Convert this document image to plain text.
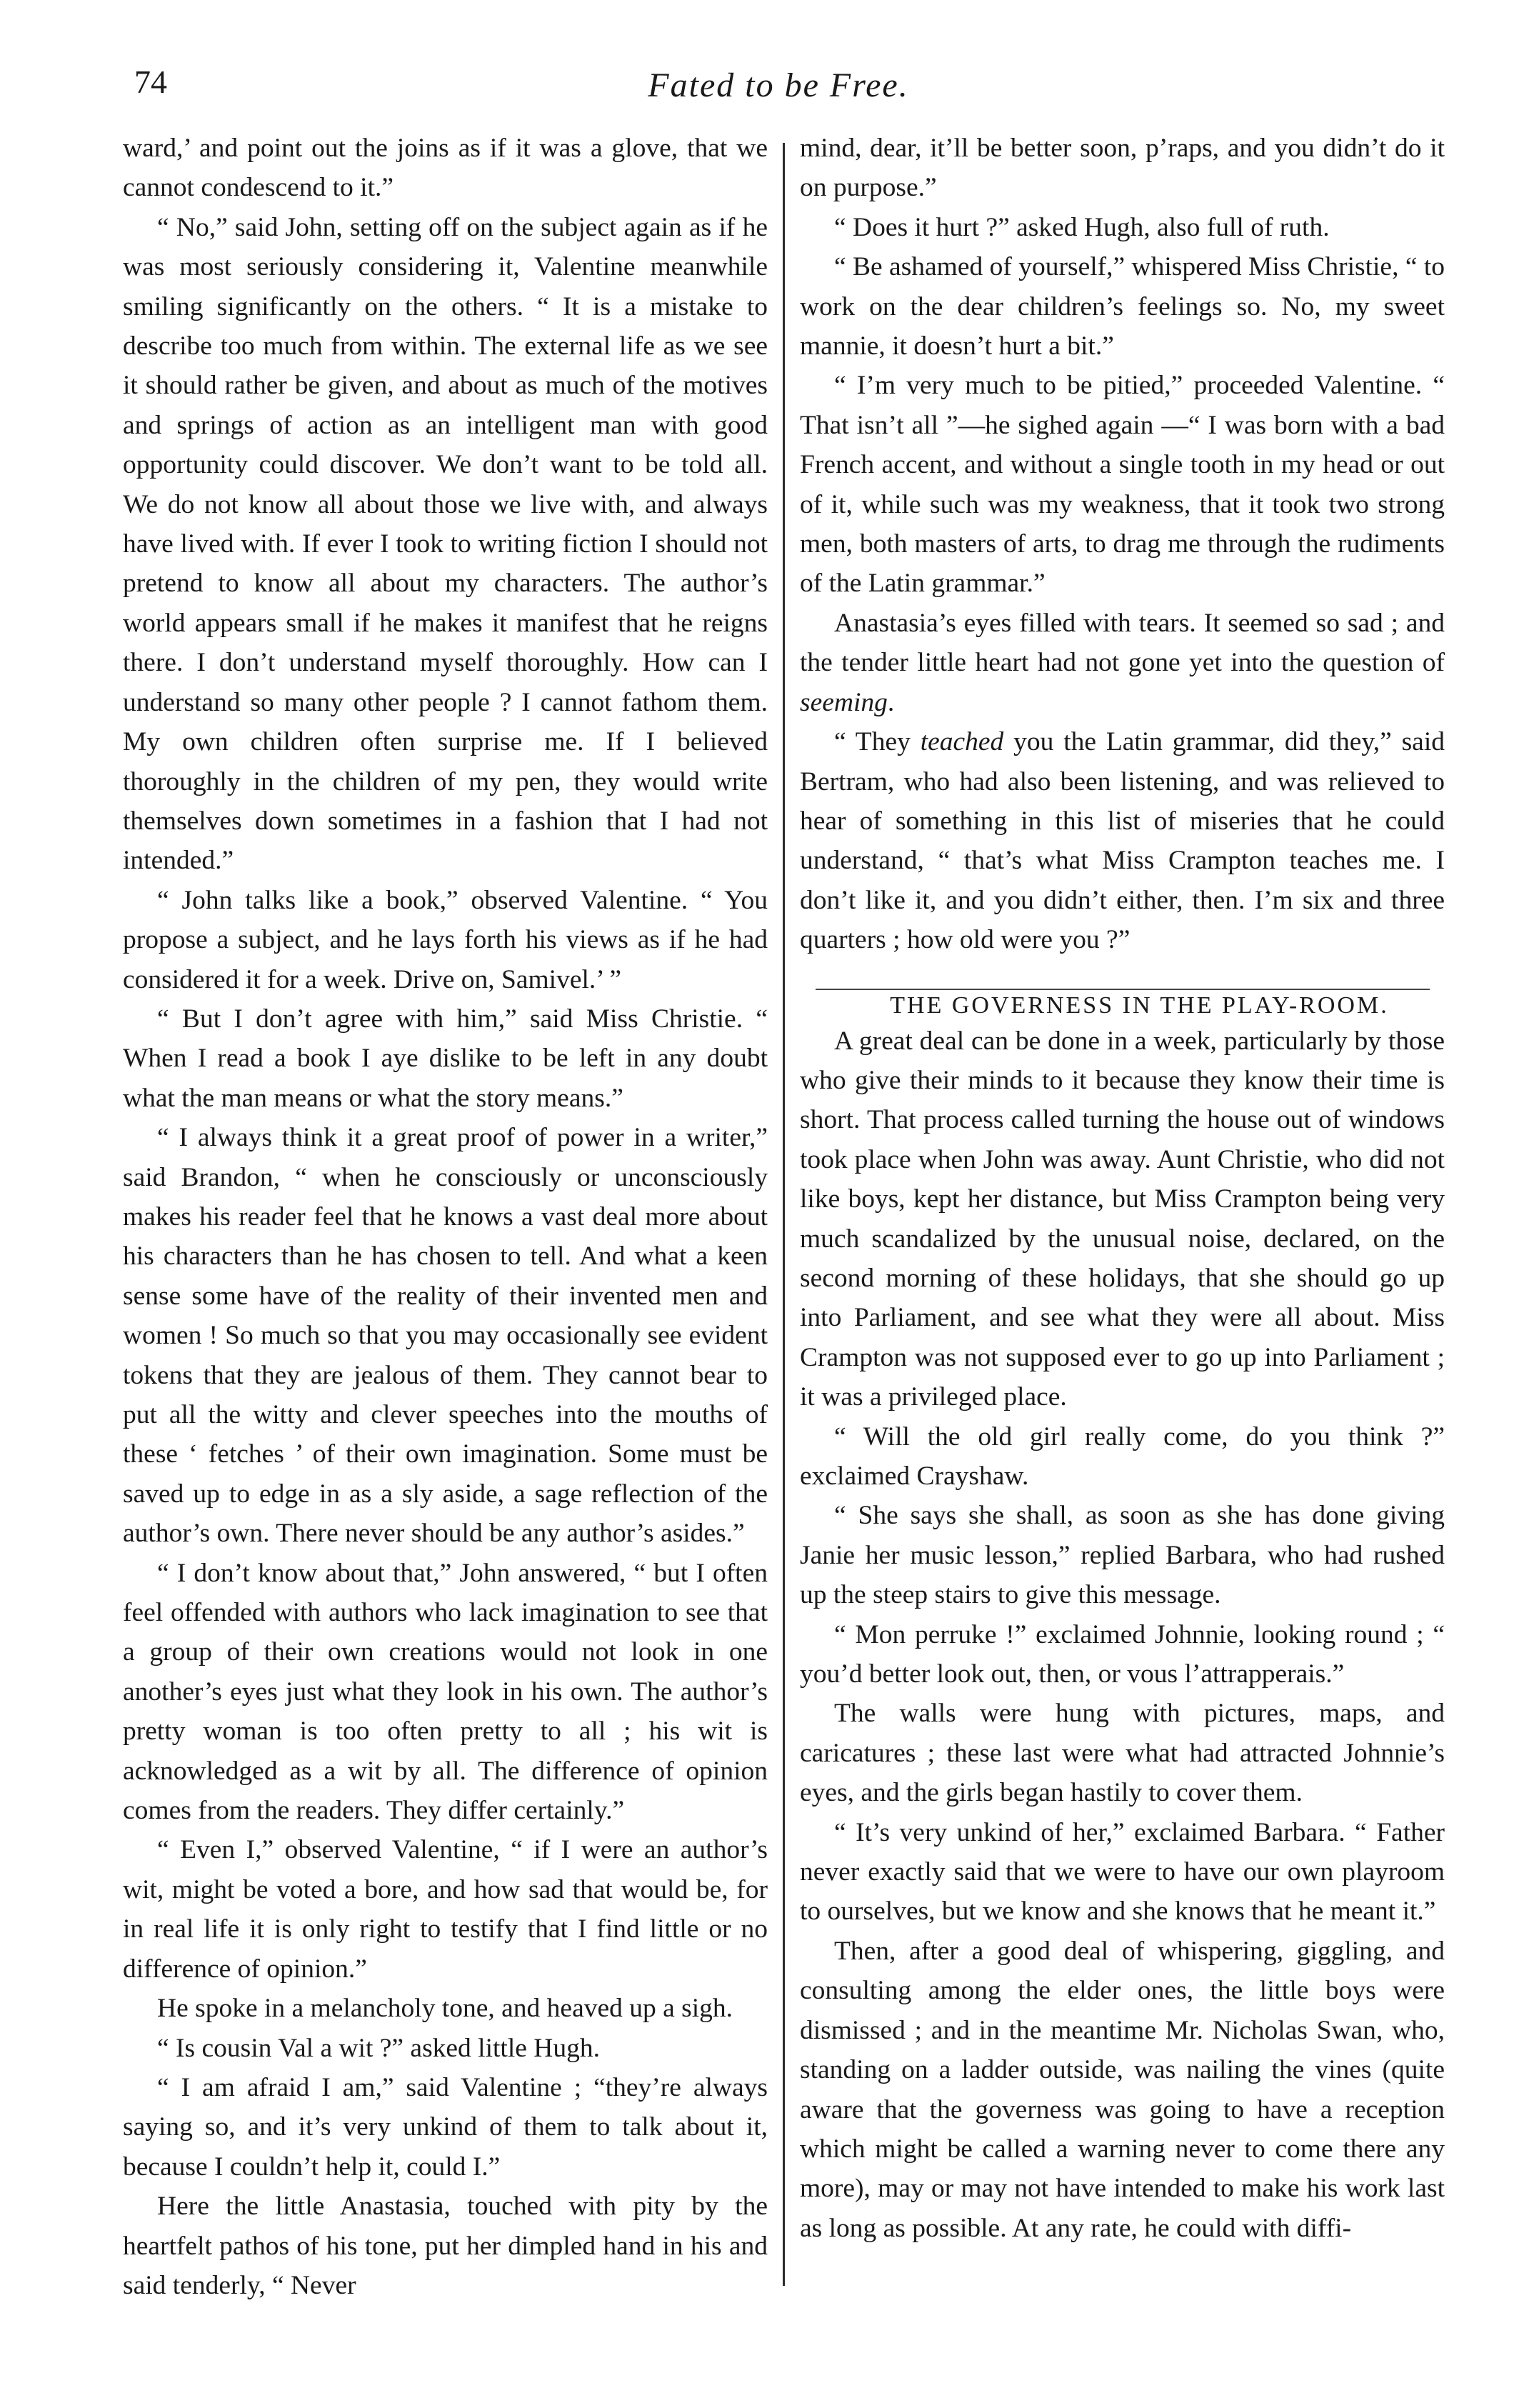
74	Fated to be Free.

ward,’ and point out the joins as if it was a glove, that we cannot condescend to it.”

“ No,” said John, setting off on the subject again as if he was most seriously considering it, Valentine meanwhile smiling significantly on the others. “ It is a mistake to describe too much from within. The external life as we see it should rather be given, and about as much of the motives and springs of action as an intelligent man with good opportunity could discover. We don’t want to be told all. We do not know all about those we live with, and always have lived with. If ever I took to writing fiction I should not pretend to know all about my characters. The author’s world appears small if he makes it manifest that he reigns there. I don’t understand myself thoroughly. How can I understand so many other people ? I cannot fathom them. My own children often surprise me. If I believed thoroughly in the children of my pen, they would write themselves down sometimes in a fashion that I had not intended.”

“ John talks like a book,” observed Valentine. “ You propose a subject, and he lays forth his views as if he had considered it for a week. Drive on, Samivel.’ ”

“ But I don’t agree with him,” said Miss Christie. “ When I read a book I aye dislike to be left in any doubt what the man means or what the story means.”

“ I always think it a great proof of power in a writer,” said Brandon, “ when he consciously or unconsciously makes his reader feel that he knows a vast deal more about his characters than he has chosen to tell. And what a keen sense some have of the reality of their invented men and women ! So much so that you may occasionally see evident tokens that they are jealous of them. They cannot bear to put all the witty and clever speeches into the mouths of these ‘ fetches ’ of their own imagination. Some must be saved up to edge in as a sly aside, a sage reflection of the author’s own. There never should be any author’s asides.”

“ I don’t know about that,” John answered, “ but I often feel offended with authors who lack imagination to see that a group of their own creations would not look in one another’s eyes just what they look in his own. The author’s pretty woman is too often pretty to all ; his wit is acknowledged as a wit by all. The difference of opinion comes from the readers. They differ certainly.”

“ Even I,” observed Valentine, “ if I were an author’s wit, might be voted a bore, and how sad that would be, for in real life it is only right to testify that I find little or no difference of opinion.”

He spoke in a melancholy tone, and heaved up a sigh.

“ Is cousin Val a wit ?” asked little Hugh.

“ I am afraid I am,” said Valentine ; “they’re always saying so, and it’s very unkind of them to talk about it, because I couldn’t help it, could I.”

Here the little Anastasia, touched with pity by the heartfelt pathos of his tone, put her dimpled hand in his and said tenderly, “ Never

mind, dear, it’ll be better soon, p’raps, and you didn’t do it on purpose.”

“ Does it hurt ?” asked Hugh, also full of ruth.

“ Be ashamed of yourself,” whispered Miss Christie, “ to work on the dear children’s feelings so. No, my sweet mannie, it doesn’t hurt a bit.”

“ I’m very much to be pitied,” proceeded Valentine. “ That isn’t all ”—he sighed again —“ I was born with a bad French accent, and without a single tooth in my head or out of it, while such was my weakness, that it took two strong men, both masters of arts, to drag me through the rudiments of the Latin grammar.”

Anastasia’s eyes filled with tears. It seemed so sad ; and the tender little heart had not gone yet into the question of seeming.

“ They teached you the Latin grammar, did they,” said Bertram, who had also been listening, and was relieved to hear of something in this list of miseries that he could understand, “ that’s what Miss Crampton teaches me. I don’t like it, and you didn’t either, then. I’m six and three quarters ; how old were you ?”

THE GOVERNESS IN THE PLAY-ROOM.

A great deal can be done in a week, particularly by those who give their minds to it because they know their time is short. That process called turning the house out of windows took place when John was away. Aunt Christie, who did not like boys, kept her distance, but Miss Crampton being very much scandalized by the unusual noise, declared, on the second morning of these holidays, that she should go up into Parliament, and see what they were all about. Miss Crampton was not supposed ever to go up into Parliament ; it was a privileged place.

“ Will the old girl really come, do you think ?” exclaimed Crayshaw.

“ She says she shall, as soon as she has done giving Janie her music lesson,” replied Barbara, who had rushed up the steep stairs to give this message.

“ Mon perruke !” exclaimed Johnnie, looking round ; “ you’d better look out, then, or vous l’attrapperais.”

The walls were hung with pictures, maps, and caricatures ; these last were what had attracted Johnnie’s eyes, and the girls began hastily to cover them.

“ It’s very unkind of her,” exclaimed Barbara. “ Father never exactly said that we were to have our own playroom to ourselves, but we know and she knows that he meant it.”

Then, after a good deal of whispering, giggling, and consulting among the elder ones, the little boys were dismissed ; and in the meantime Mr. Nicholas Swan, who, standing on a ladder outside, was nailing the vines (quite aware that the governess was going to have a reception which might be called a warning never to come there any more), may or may not have intended to make his work last as long as possible. At any rate, he could with diffi-
